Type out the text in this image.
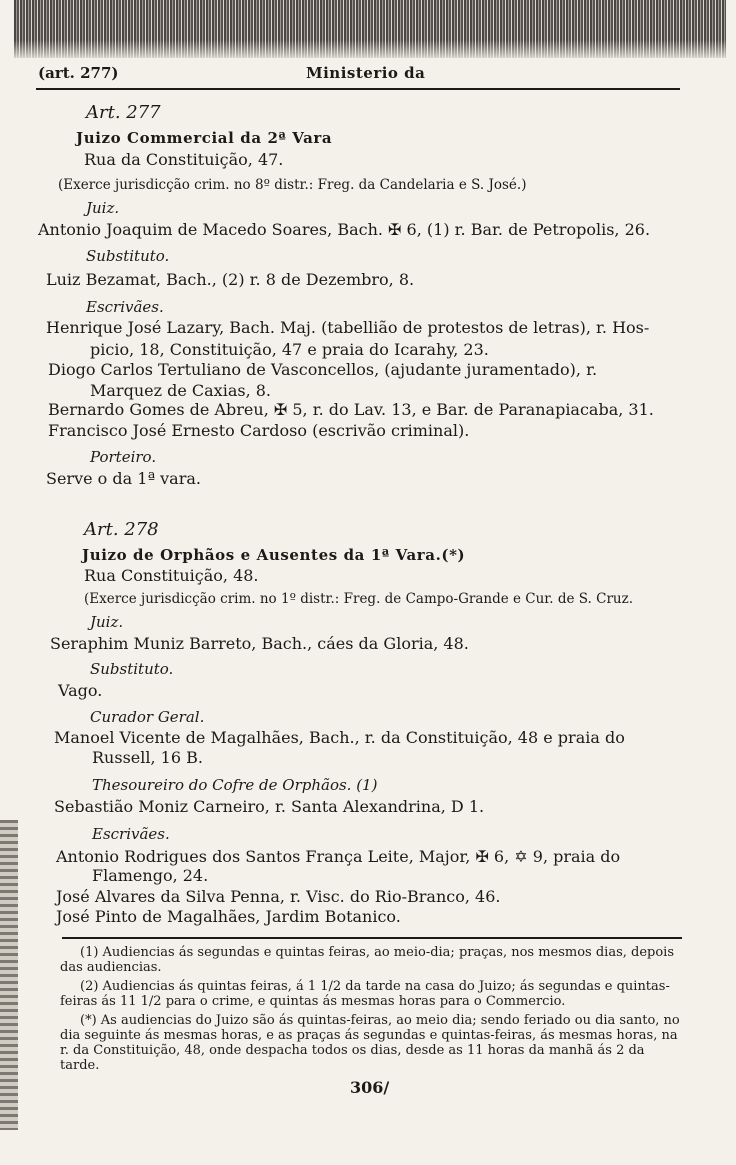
(art. 277)	Ministerio da
Art. 277
Juizo Commercial da 2ª Vara
Rua da Constituição, 47.
(Exerce jurisdicção crim. no 8º distr.: Freg. da Candelaria e S. José.)
Juiz.
Antonio Joaquim de Macedo Soares, Bach. ✠ 6, (1) r. Bar. de Petropolis, 26.
Substituto.
Luiz Bezamat, Bach., (2) r. 8 de Dezembro, 8.
Escrivães.
Henrique José Lazary, Bach. Maj. (tabellião de protestos de letras), r. Hos-
picio, 18, Constituição, 47 e praia do Icarahy, 23.
Diogo Carlos Tertuliano de Vasconcellos, (ajudante juramentado), r.
Marquez de Caxias, 8.
Bernardo Gomes de Abreu, ✠ 5, r. do Lav. 13, e Bar. de Paranapiacaba, 31.
Francisco José Ernesto Cardoso (escrivão criminal).
Porteiro.
Serve o da 1ª vara.
Art. 278
Juizo de Orphãos e Ausentes da 1ª Vara.(*)
Rua Constituição, 48.
(Exerce jurisdicção crim. no 1º distr.: Freg. de Campo-Grande e Cur. de S. Cruz.
Juiz.
Seraphim Muniz Barreto, Bach., cáes da Gloria, 48.
Substituto.
Vago.
Curador Geral.
Manoel Vicente de Magalhães, Bach., r. da Constituição, 48 e praia do
Russell, 16 B.
Thesoureiro do Cofre de Orphãos. (1)
Sebastião Moniz Carneiro, r. Santa Alexandrina, D 1.
Escrivães.
Antonio Rodrigues dos Santos França Leite, Major, ✠ 6, ✡ 9, praia do
Flamengo, 24.
José Alvares da Silva Penna, r. Visc. do Rio-Branco, 46.
José Pinto de Magalhães, Jardim Botanico.
(1) Audiencias ás segundas e quintas feiras, ao meio-dia; praças, nos mesmos dias, depois das audiencias.
(2) Audiencias ás quintas feiras, á 1 1/2 da tarde na casa do Juizo; ás segundas e quintas-feiras ás 11 1/2 para o crime, e quintas ás mesmas horas para o Commercio.
(*) As audiencias do Juizo são ás quintas-feiras, ao meio dia; sendo feriado ou dia santo, no dia seguinte ás mesmas horas, e as praças ás segundas e quintas-feiras, ás mesmas horas, na r. da Constituição, 48, onde despacha todos os dias, desde as 11 horas da manhã ás 2 da tarde.
306/
